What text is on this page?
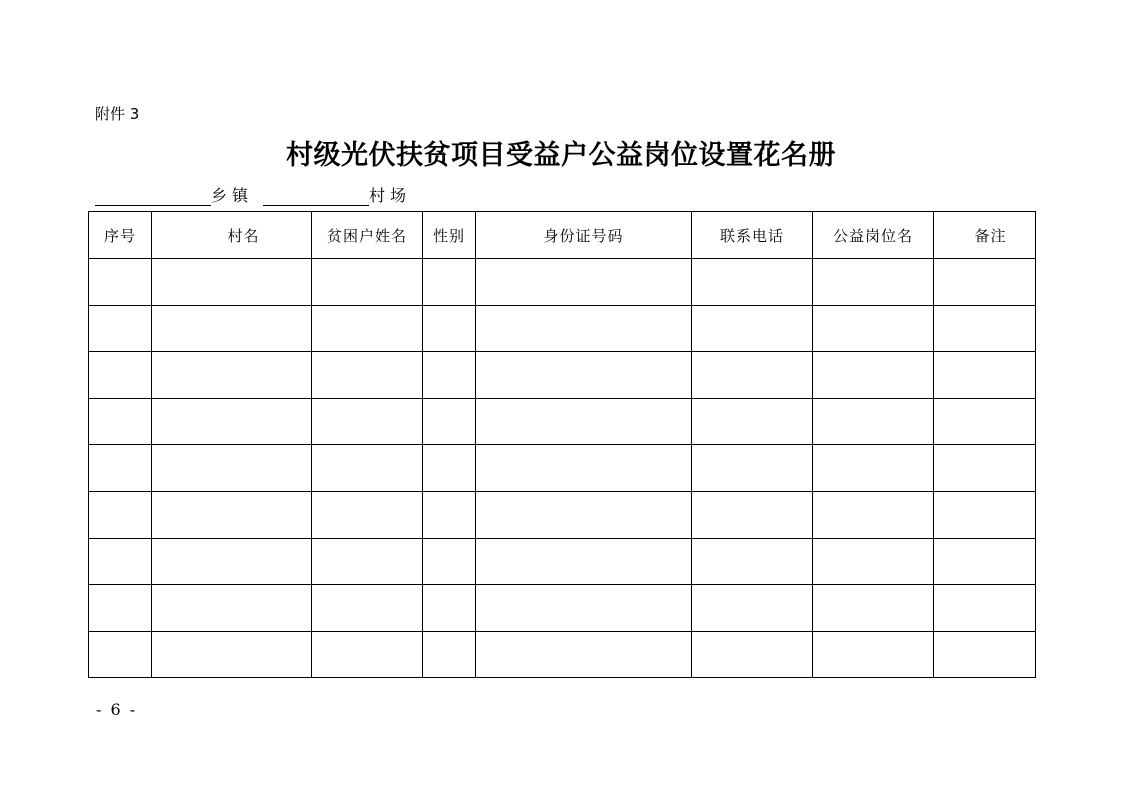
附件 3
村级光伏扶贫项目受益户公益岗位设置花名册
乡镇	村场
序号	村名	贫困户姓名	性别	身份证号码	联系电话	公益岗位名	备注

- 6 -
